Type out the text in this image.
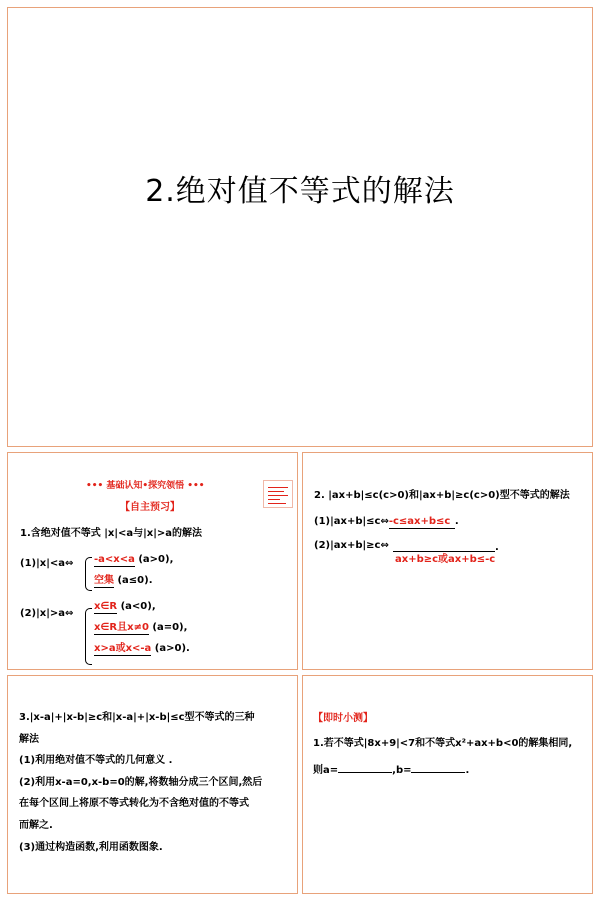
2.绝对值不等式的解法
••• 基础认知•探究领悟 •••
【自主预习】
1.含绝对值不等式 |x|<a与|x|>a的解法
(1)|x|<a⇔ -a<x<a (a>0),
空集 (a≤0).
(2)|x|>a⇔
x∈R (a<0),
x∈R且x≠0 (a=0),
x>a或x<-a (a>0).
2. |ax+b|≤c(c>0)和|ax+b|≥c(c>0)型不等式的解法
(1)|ax+b|≤c⇔-c≤ax+b≤c .
(2)|ax+b|≥c⇔	.
ax+b≥c或ax+b≤-c
3.|x-a|+|x-b|≥c和|x-a|+|x-b|≤c型不等式的三种
解法
(1)利用绝对值不等式的几何意义 .
(2)利用x-a=0,x-b=0的解,将数轴分成三个区间,然后
在每个区间上将原不等式转化为不含绝对值的不等式
而解之.
(3)通过构造函数,利用函数图象.
【即时小测】
1.若不等式|8x+9|<7和不等式x²+ax+b<0的解集相同,
则a=	,b=	.
